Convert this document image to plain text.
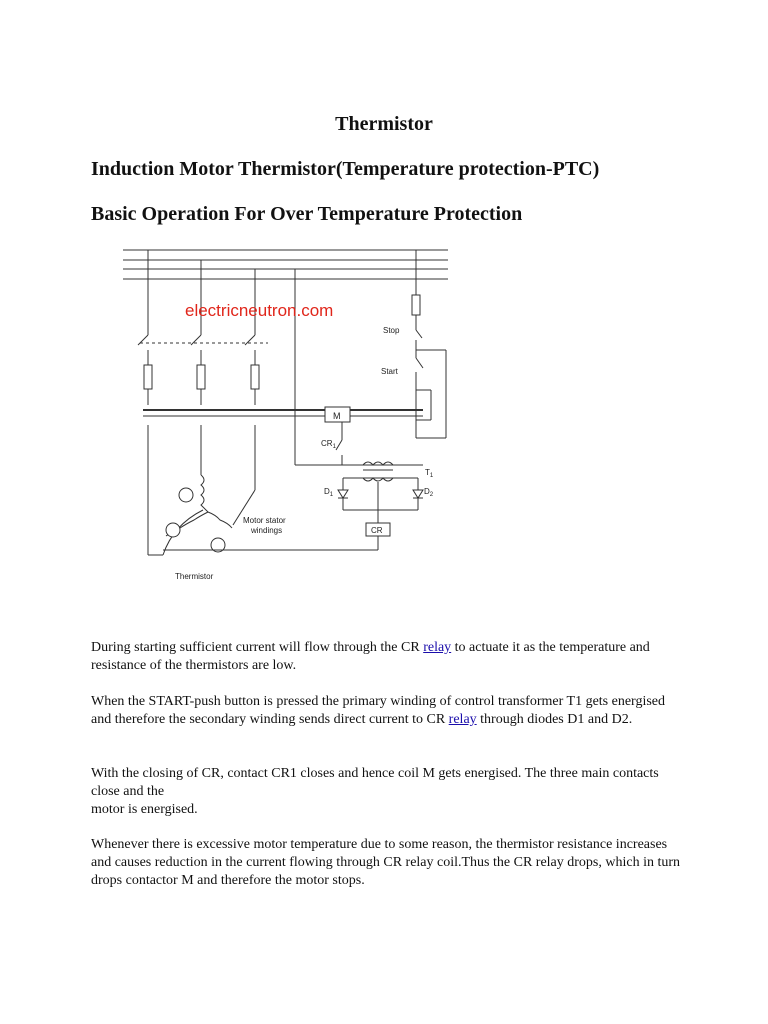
Thermistor
Induction Motor Thermistor(Temperature protection-PTC)
Basic Operation For Over Temperature Protection
electricneutron.com
Stop
Start
M
$CR_1$
$T_1$
$D_1$	$D_2$
CR
Motor stator
windings
Thermistor

During starting sufficient current will flow through the CR relay to actuate it as the temperature and resistance of the thermistors are low.

When the START-push button is pressed the primary winding of control transformer T1 gets energised and therefore the secondary winding sends direct current to CR relay through diodes D1 and D2.

With the closing of CR, contact CR1 closes and hence coil M gets energised. The three main contacts close and the
motor is energised.

Whenever there is excessive motor temperature due to some reason, the thermistor resistance increases and causes reduction in the current flowing through CR relay coil.Thus the CR relay drops, which in turn drops contactor M and therefore the motor stops.
